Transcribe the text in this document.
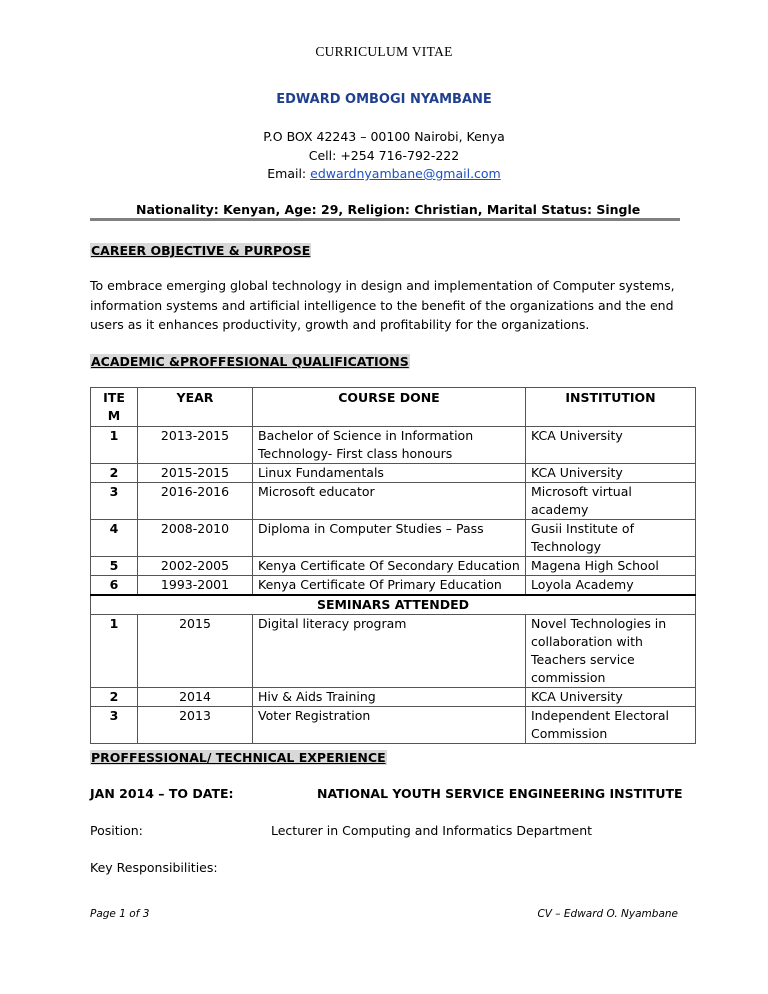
CURRICULUM VITAE
EDWARD OMBOGI NYAMBANE
P.O BOX 42243 – 00100 Nairobi, Kenya
Cell: +254 716-792-222
Email: edwardnyambane@gmail.com
Nationality: Kenyan, Age: 29, Religion: Christian, Marital Status: Single
CAREER OBJECTIVE & PURPOSE
To embrace emerging global technology in design and implementation of Computer systems,
information systems and artificial intelligence to the benefit of the organizations and the end
users as it enhances productivity, growth and profitability for the organizations.
ACADEMIC &PROFFESIONAL QUALIFICATIONS
ITE M	YEAR	COURSE DONE	INSTITUTION
1	2013-2015	Bachelor of Science in Information Technology- First class honours	KCA University
2	2015-2015	Linux Fundamentals	KCA University
3	2016-2016	Microsoft educator	Microsoft virtual academy
4	2008-2010	Diploma in Computer Studies – Pass	Gusii Institute of Technology
5	2002-2005	Kenya Certificate Of Secondary Education	Magena High School
6	1993-2001	Kenya Certificate Of Primary Education	Loyola Academy
SEMINARS ATTENDED			
1	2015	Digital literacy program	Novel Technologies in collaboration with Teachers service commission
2	2014	Hiv & Aids Training	KCA University
3	2013	Voter Registration	Independent Electoral Commission
PROFFESSIONAL/ TECHNICAL EXPERIENCE
JAN 2014 – TO DATE:	NATIONAL YOUTH SERVICE ENGINEERING INSTITUTE
Position:	Lecturer in Computing and Informatics Department
Key Responsibilities:
Page 1 of 3	CV – Edward O. Nyambane
